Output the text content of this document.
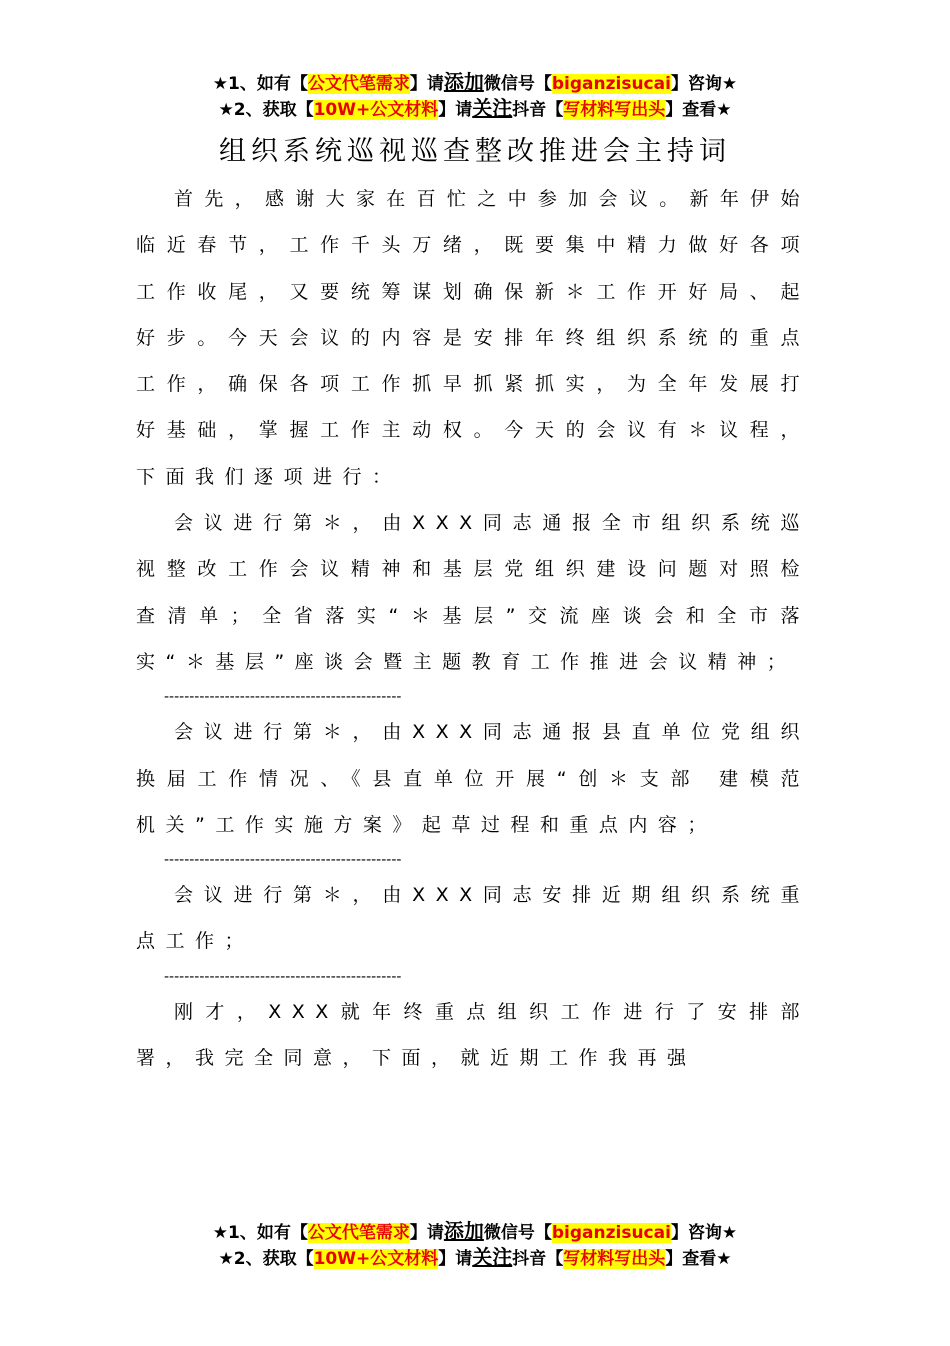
★1、如有【公文代笔需求】请添加微信号【biganzisucai】咨询★
★2、获取【10W+公文材料】请关注抖音【写材料写出头】查看★
组织系统巡视巡查整改推进会主持词

首先，感谢大家在百忙之中参加会议。新年伊始临近春节，工作千头万绪，既要集中精力做好各项工作收尾，又要统筹谋划确保新＊工作开好局、起好步。今天会议的内容是安排年终组织系统的重点工作，确保各项工作抓早抓紧抓实，为全年发展打好基础，掌握工作主动权。今天的会议有＊议程，下面我们逐项进行：

会议进行第＊，由XXX同志通报全市组织系统巡视整改工作会议精神和基层党组织建设问题对照检查清单；全省落实“＊基层”交流座谈会和全市落实“＊基层”座谈会暨主题教育工作推进会议精神；

-----------------------------------------------

会议进行第＊，由XXX同志通报县直单位党组织换届工作情况、《县直单位开展“创＊支部 建模范机关”工作实施方案》起草过程和重点内容；

-----------------------------------------------

会议进行第＊，由XXX同志安排近期组织系统重点工作；

-----------------------------------------------

刚才，XXX就年终重点组织工作进行了安排部署，我完全同意，下面，就近期工作我再强

★1、如有【公文代笔需求】请添加微信号【biganzisucai】咨询★
★2、获取【10W+公文材料】请关注抖音【写材料写出头】查看★
